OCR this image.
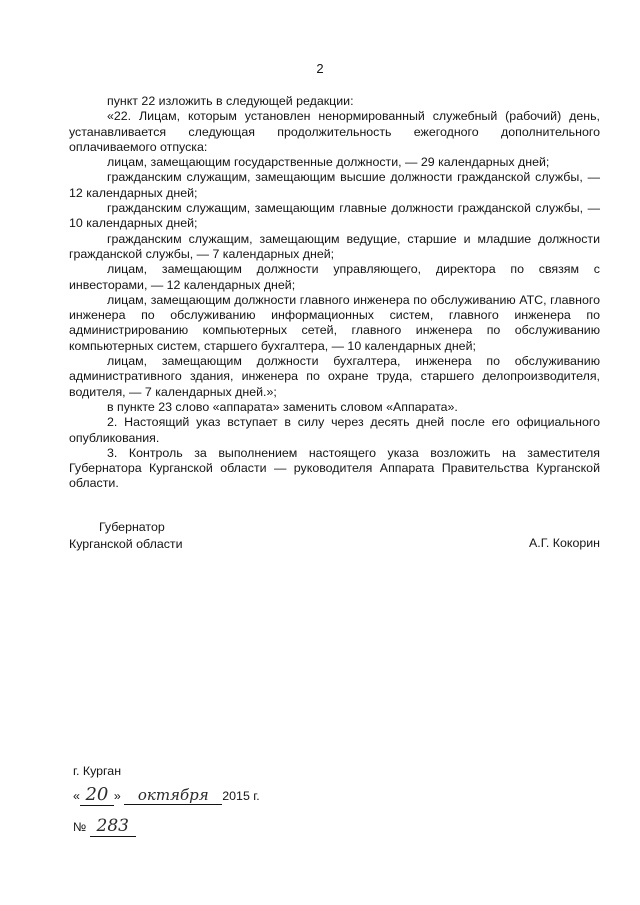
2

пункт 22 изложить в следующей редакции:

«22. Лицам, которым установлен ненормированный служебный (рабочий) день, устанавливается следующая продолжительность ежегодного дополнительного оплачиваемого отпуска:

лицам, замещающим государственные должности, — 29 календарных дней;

гражданским служащим, замещающим высшие должности гражданской службы, — 12 календарных дней;

гражданским служащим, замещающим главные должности гражданской службы, — 10 календарных дней;

гражданским служащим, замещающим ведущие, старшие и младшие должности гражданской службы, — 7 календарных дней;

лицам, замещающим должности управляющего, директора по связям с инвесторами, — 12 календарных дней;

лицам, замещающим должности главного инженера по обслуживанию АТС, главного инженера по обслуживанию информационных систем, главного инженера по администрированию компьютерных сетей, главного инженера по обслуживанию компьютерных систем, старшего бухгалтера, — 10 календарных дней;

лицам, замещающим должности бухгалтера, инженера по обслуживанию административного здания, инженера по охране труда, старшего делопроизводителя, водителя, — 7 календарных дней.»;

в пункте 23 слово «аппарата» заменить словом «Аппарата».

2. Настоящий указ вступает в силу через десять дней после его официального опубликования.

3. Контроль за выполнением настоящего указа возложить на заместителя Губернатора Курганской области — руководителя Аппарата Правительства Курганской области.

Губернатор
Курганской области	А.Г. Кокорин
г. Курган
« 20 » октября 2015 г.
№ 283
